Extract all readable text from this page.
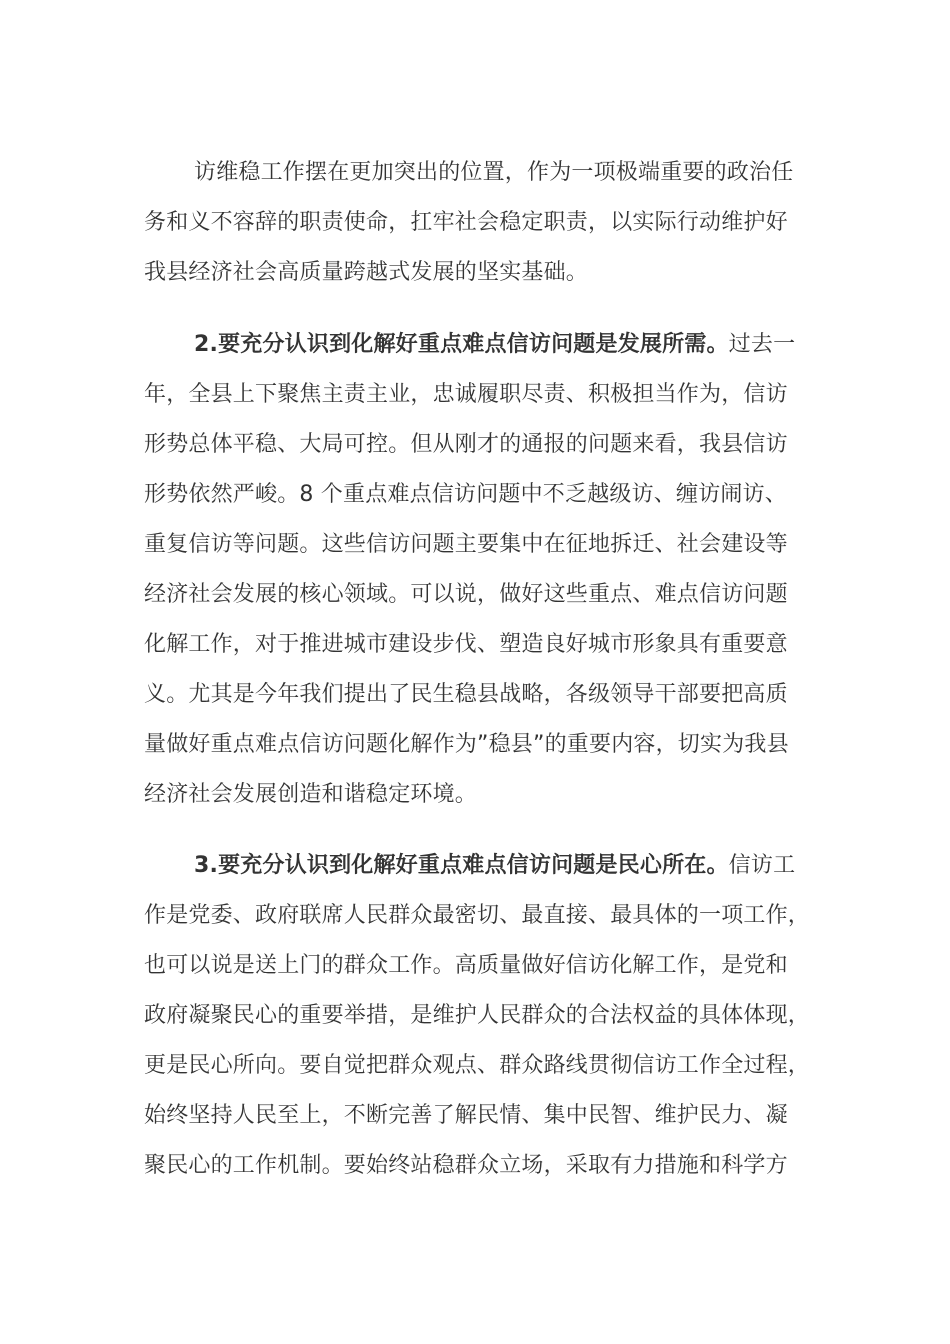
访维稳工作摆在更加突出的位置，作为一项极端重要的政治任
务和义不容辞的职责使命，扛牢社会稳定职责，以实际行动维护好
我县经济社会高质量跨越式发展的坚实基础。
2.要充分认识到化解好重点难点信访问题是发展所需。过去一
年，全县上下聚焦主责主业，忠诚履职尽责、积极担当作为，信访
形势总体平稳、大局可控。但从刚才的通报的问题来看，我县信访
形势依然严峻。8 个重点难点信访问题中不乏越级访、缠访闹访、
重复信访等问题。这些信访问题主要集中在征地拆迁、社会建设等
经济社会发展的核心领域。可以说，做好这些重点、难点信访问题
化解工作，对于推进城市建设步伐、塑造良好城市形象具有重要意
义。尤其是今年我们提出了民生稳县战略，各级领导干部要把高质
量做好重点难点信访问题化解作为”稳县”的重要内容，切实为我县
经济社会发展创造和谐稳定环境。
3.要充分认识到化解好重点难点信访问题是民心所在。信访工
作是党委、政府联席人民群众最密切、最直接、最具体的一项工作，
也可以说是送上门的群众工作。高质量做好信访化解工作，是党和
政府凝聚民心的重要举措，是维护人民群众的合法权益的具体体现，
更是民心所向。要自觉把群众观点、群众路线贯彻信访工作全过程，
始终坚持人民至上，不断完善了解民情、集中民智、维护民力、凝
聚民心的工作机制。要始终站稳群众立场，采取有力措施和科学方
